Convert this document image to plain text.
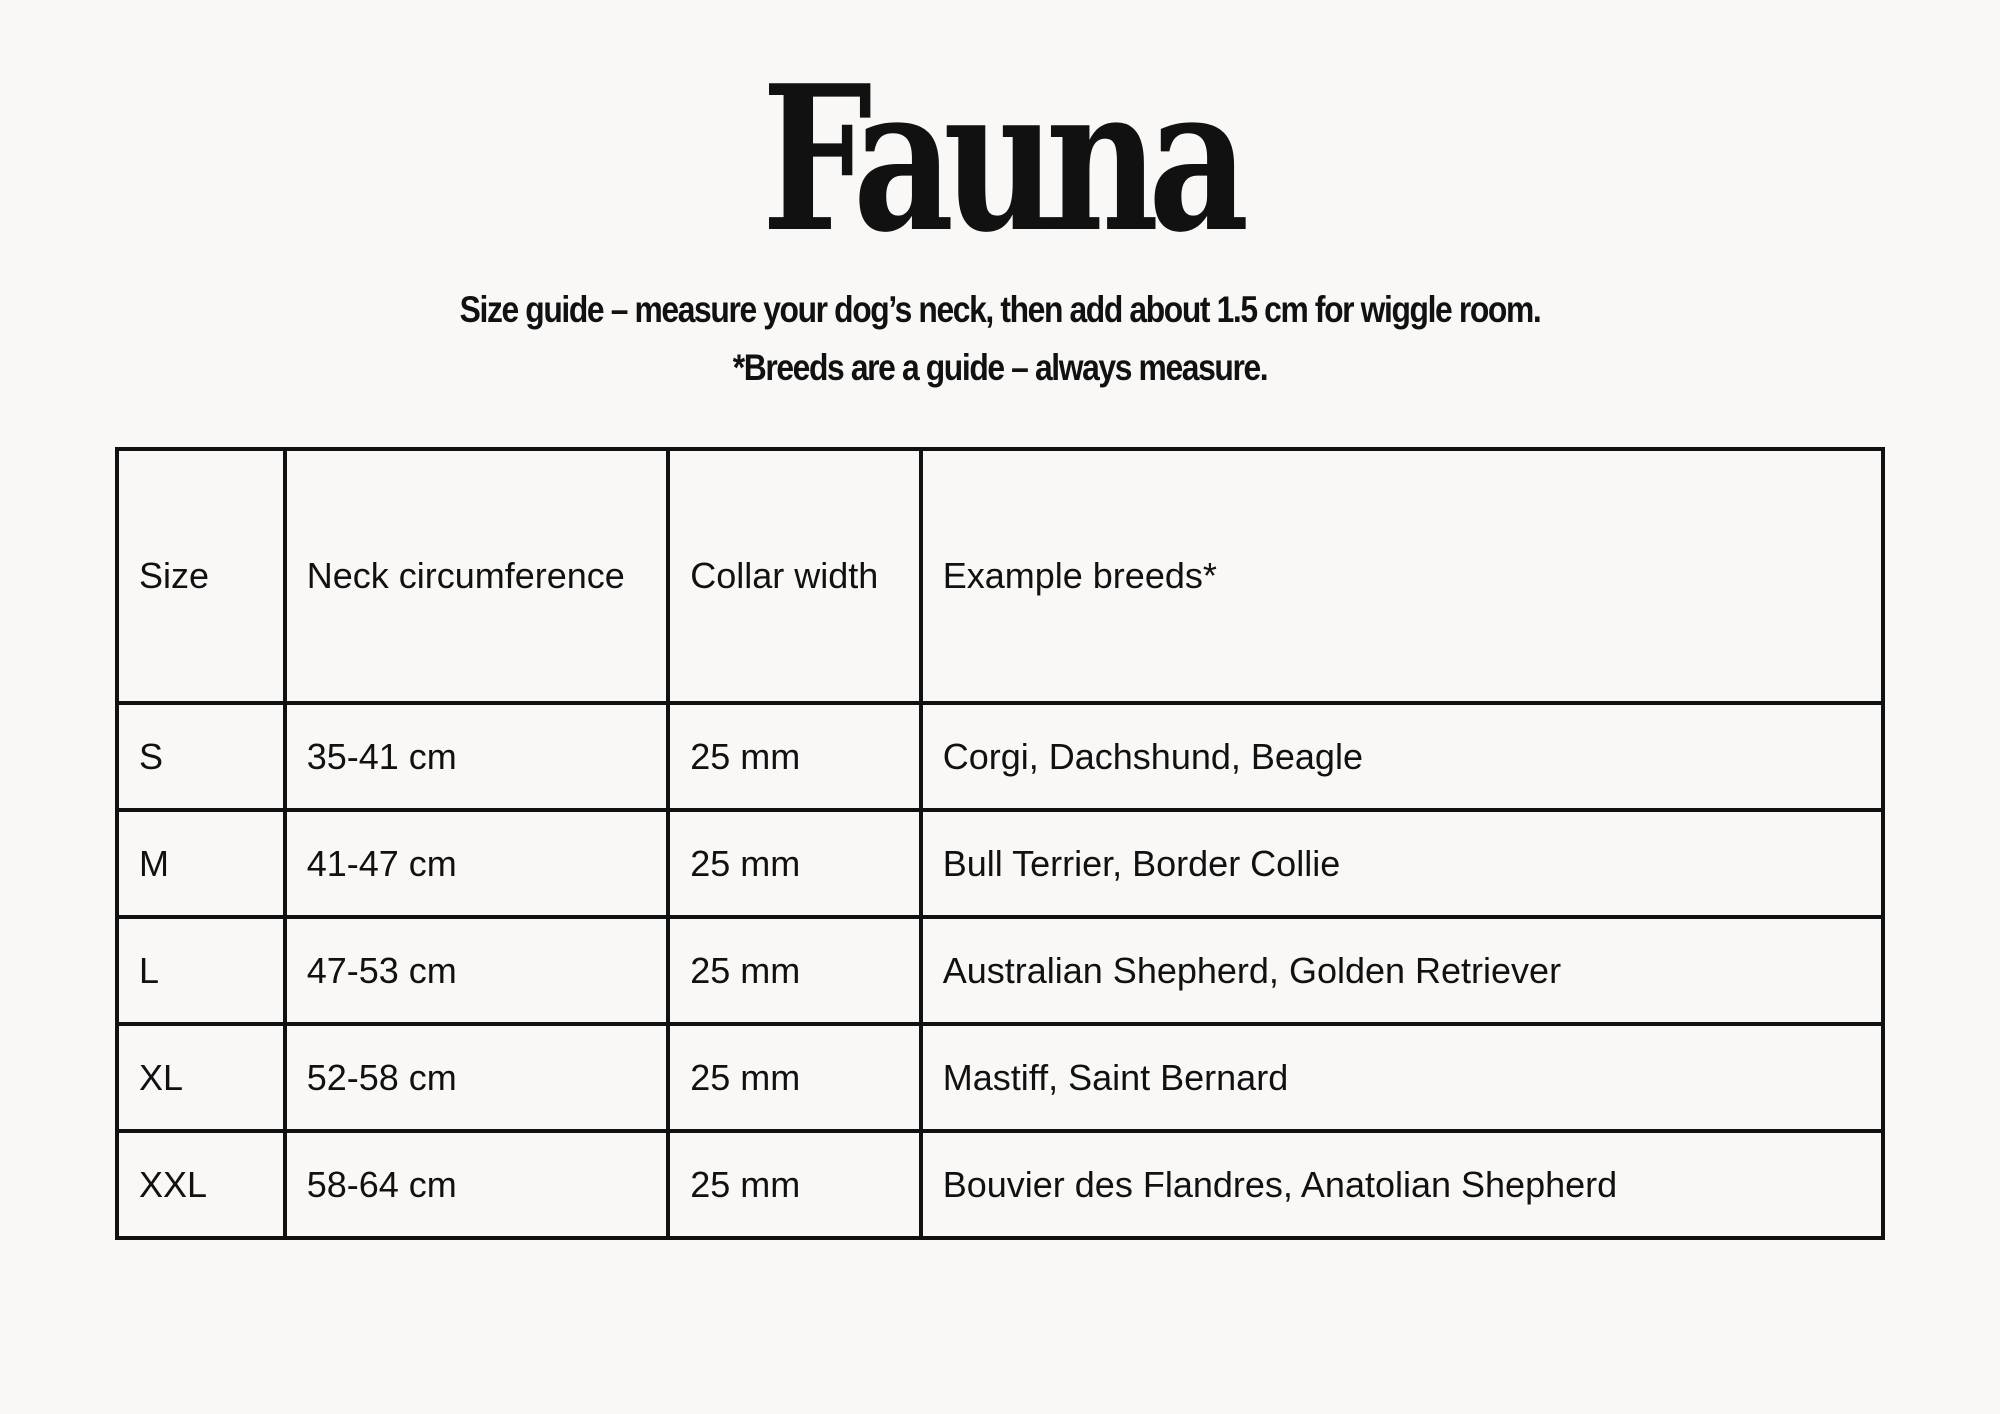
Fauna
Size guide – measure your dog’s neck, then add about 1.5 cm for wiggle room.
*Breeds are a guide – always measure.
Size	Neck circumference	Collar width	Example breeds*
S	35-41 cm	25 mm	Corgi, Dachshund, Beagle
M	41-47 cm	25 mm	Bull Terrier, Border Collie
L	47-53 cm	25 mm	Australian Shepherd, Golden Retriever
XL	52-58 cm	25 mm	Mastiff, Saint Bernard
XXL	58-64 cm	25 mm	Bouvier des Flandres, Anatolian Shepherd
